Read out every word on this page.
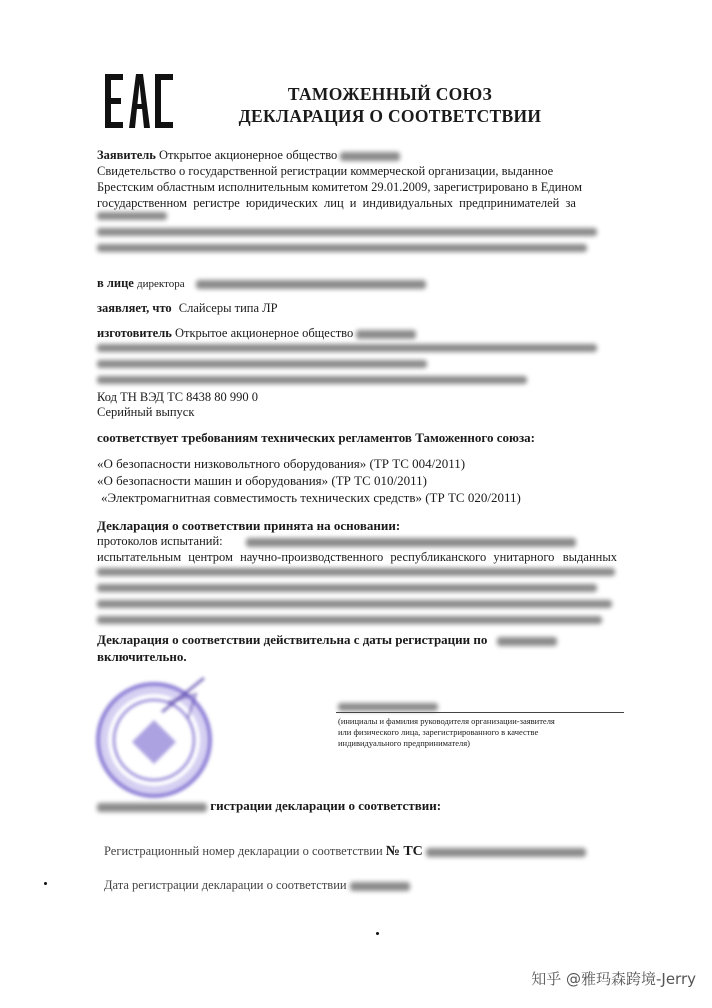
ТАМОЖЕННЫЙ СОЮЗ
ДЕКЛАРАЦИЯ О СООТВЕТСТВИИ
Заявитель Открытое акционерное общество
Свидетельство о государственной регистрации коммерческой организации, выданное
Брестским областным исполнительным комитетом 29.01.2009, зарегистрировано в Едином
государственном регистре юридических лиц и индивидуальных предпринимателей за
в лице директора
заявляет, что Слайсеры типа ЛР
изготовитель Открытое акционерное общество
Код ТН ВЭД ТС 8438 80 990 0
Серийный выпуск
соответствует требованиям технических регламентов Таможенного союза:
«О безопасности низковольтного оборудования» (ТР ТС 004/2011)
«О безопасности машин и оборудования» (ТР ТС 010/2011)
«Электромагнитная совместимость технических средств» (ТР ТС 020/2011)
Декларация о соответствии принята на основании:
протоколов испытаний:
выданных
испытательным центром научно-производственного республиканского унитарного
Декларация о соответствии действительна с даты регистрации по
включительно.
(инициалы и фамилия руководителя организации-заявителя
или физического лица, зарегистрированного в качестве
индивидуального предпринимателя)
гистрации декларации о соответствии:
Регистрационный номер декларации о соответствии № ТС
Дата регистрации декларации о соответствии
知乎 @雅玛森跨境-Jerry
